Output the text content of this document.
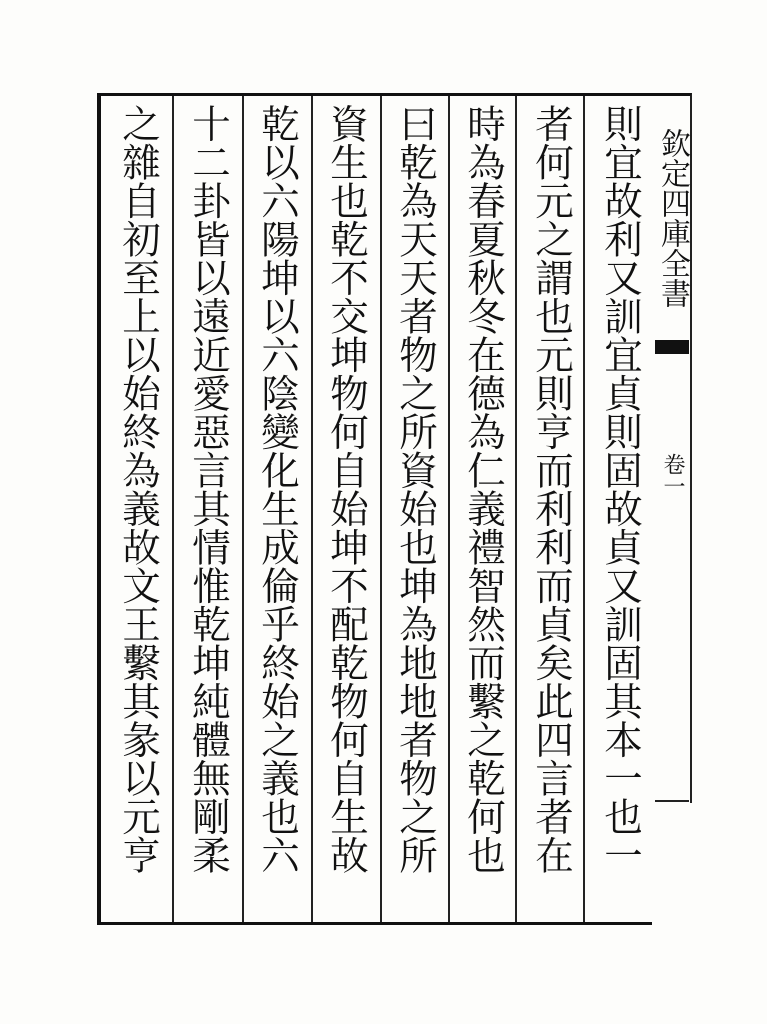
則宜故利又訓宜貞則固故貞又訓固其本一也一
者何元之謂也元則亨而利利而貞矣此四言者在
時為春夏秋冬在德為仁義禮智然而繫之乾何也
曰乾為天天者物之所資始也坤為地地者物之所
資生也乾不交坤物何自始坤不配乾物何自生故
乾以六陽坤以六陰變化生成倫乎終始之義也六
十二卦皆以遠近愛惡言其情惟乾坤純體無剛柔
之雜自初至上以始終為義故文王繫其彖以元亨	欽定四庫全書
卷一
